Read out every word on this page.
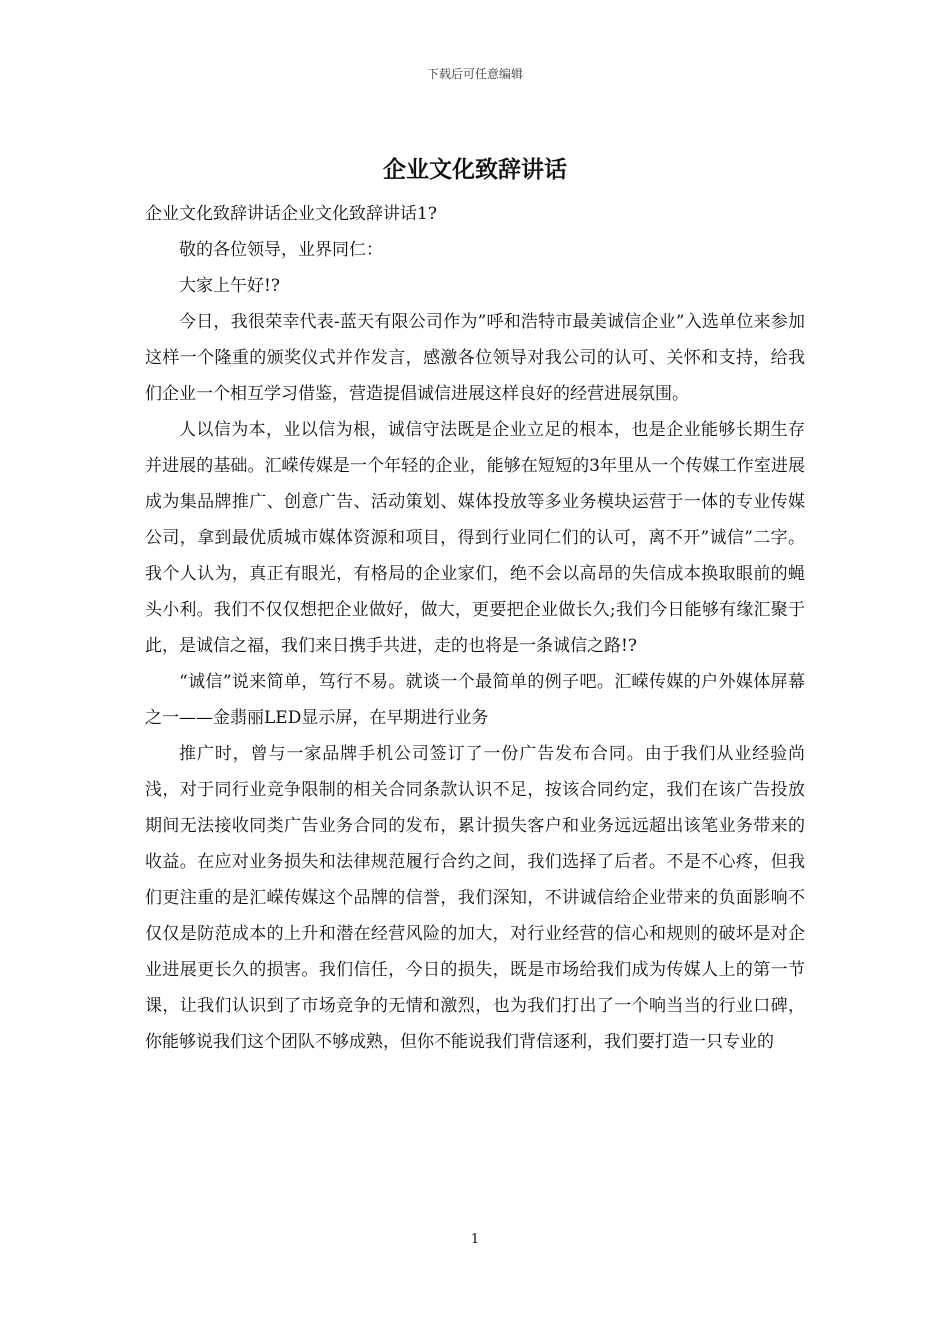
下载后可任意编辑
企业文化致辞讲话

企业文化致辞讲话企业文化致辞讲话1?

敬的各位领导，业界同仁：

大家上午好!?

今日，我很荣幸代表-蓝天有限公司作为”呼和浩特市最美诚信企业”入选单位来参加这样一个隆重的颁奖仪式并作发言，感激各位领导对我公司的认可、关怀和支持，给我们企业一个相互学习借鉴，营造提倡诚信进展这样良好的经营进展氛围。

人以信为本，业以信为根，诚信守法既是企业立足的根本，也是企业能够长期生存并进展的基础。汇嵘传媒是一个年轻的企业，能够在短短的3年里从一个传媒工作室进展成为集品牌推广、创意广告、活动策划、媒体投放等多业务模块运营于一体的专业传媒公司，拿到最优质城市媒体资源和项目，得到行业同仁们的认可，离不开”诚信”二字。我个人认为，真正有眼光，有格局的企业家们，绝不会以高昂的失信成本换取眼前的蝇头小利。我们不仅仅想把企业做好，做大，更要把企业做长久;我们今日能够有缘汇聚于此，是诚信之福，我们来日携手共进，走的也将是一条诚信之路!?

“诚信”说来简单，笃行不易。就谈一个最简单的例子吧。汇嵘传媒的户外媒体屏幕之一——金翡丽LED显示屏，在早期进行业务

推广时，曾与一家品牌手机公司签订了一份广告发布合同。由于我们从业经验尚浅，对于同行业竞争限制的相关合同条款认识不足，按该合同约定，我们在该广告投放期间无法接收同类广告业务合同的发布，累计损失客户和业务远远超出该笔业务带来的收益。在应对业务损失和法律规范履行合约之间，我们选择了后者。不是不心疼，但我们更注重的是汇嵘传媒这个品牌的信誉，我们深知，不讲诚信给企业带来的负面影响不仅仅是防范成本的上升和潜在经营风险的加大，对行业经营的信心和规则的破坏是对企业进展更长久的损害。我们信任，今日的损失，既是市场给我们成为传媒人上的第一节课，让我们认识到了市场竞争的无情和激烈，也为我们打出了一个响当当的行业口碑，你能够说我们这个团队不够成熟，但你不能说我们背信逐利，我们要打造一只专业的

1
